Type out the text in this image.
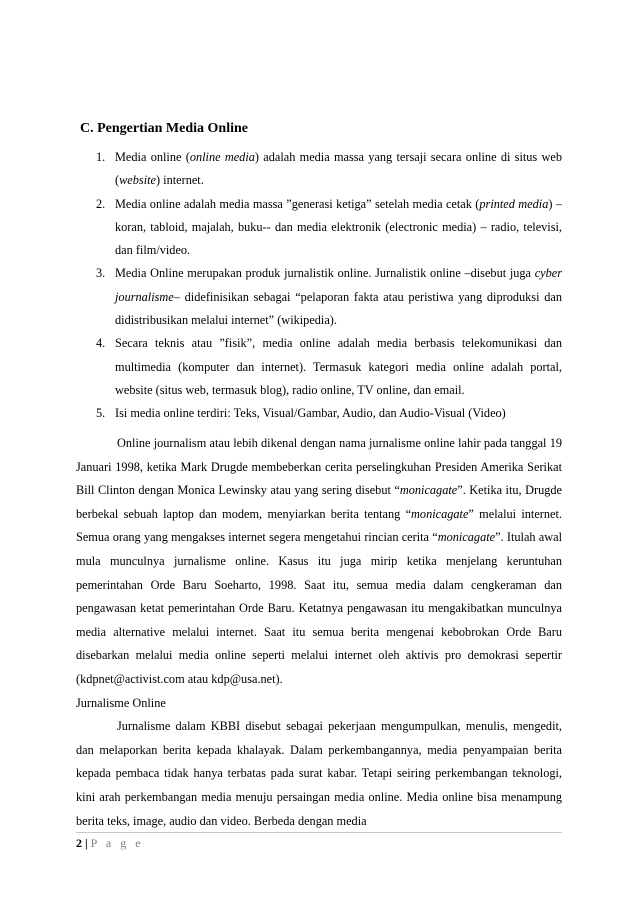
C. Pengertian Media Online
1. Media online (online media) adalah media massa yang tersaji secara online di situs web (website) internet.
2. Media online adalah media massa ”generasi ketiga” setelah media cetak (printed media) –koran, tabloid, majalah, buku-- dan media elektronik (electronic media) – radio, televisi, dan film/video.
3. Media Online merupakan produk jurnalistik online. Jurnalistik online –disebut juga cyber journalisme– didefinisikan sebagai “pelaporan fakta atau peristiwa yang diproduksi dan didistribusikan melalui internet” (wikipedia).
4. Secara teknis atau ”fisik”, media online adalah media berbasis telekomunikasi dan multimedia (komputer dan internet). Termasuk kategori media online adalah portal, website (situs web, termasuk blog), radio online, TV online, dan email.
5. Isi media online terdiri: Teks, Visual/Gambar, Audio, dan Audio-Visual (Video)
Online journalism atau lebih dikenal dengan nama jurnalisme online lahir pada tanggal 19 Januari 1998, ketika Mark Drugde membeberkan cerita perselingkuhan Presiden Amerika Serikat Bill Clinton dengan Monica Lewinsky atau yang sering disebut “monicagate”. Ketika itu, Drugde berbekal sebuah laptop dan modem, menyiarkan berita tentang “monicagate” melalui internet. Semua orang yang mengakses internet segera mengetahui rincian cerita “monicagate”. Itulah awal mula munculnya jurnalisme online. Kasus itu juga mirip ketika menjelang keruntuhan pemerintahan Orde Baru Soeharto, 1998. Saat itu, semua media dalam cengkeraman dan pengawasan ketat pemerintahan Orde Baru. Ketatnya pengawasan itu mengakibatkan munculnya media alternative melalui internet. Saat itu semua berita mengenai kebobrokan Orde Baru disebarkan melalui media online seperti melalui internet oleh aktivis pro demokrasi sepertir (kdpnet@activist.com atau kdp@usa.net).
Jurnalisme Online
Jurnalisme dalam KBBI disebut sebagai pekerjaan mengumpulkan, menulis, mengedit, dan melaporkan berita kepada khalayak. Dalam perkembangannya, media penyampaian berita kepada pembaca tidak hanya terbatas pada surat kabar. Tetapi seiring perkembangan teknologi, kini arah perkembangan media menuju persaingan media online. Media online bisa menampung berita teks, image, audio dan video. Berbeda dengan media
2 | P a g e
